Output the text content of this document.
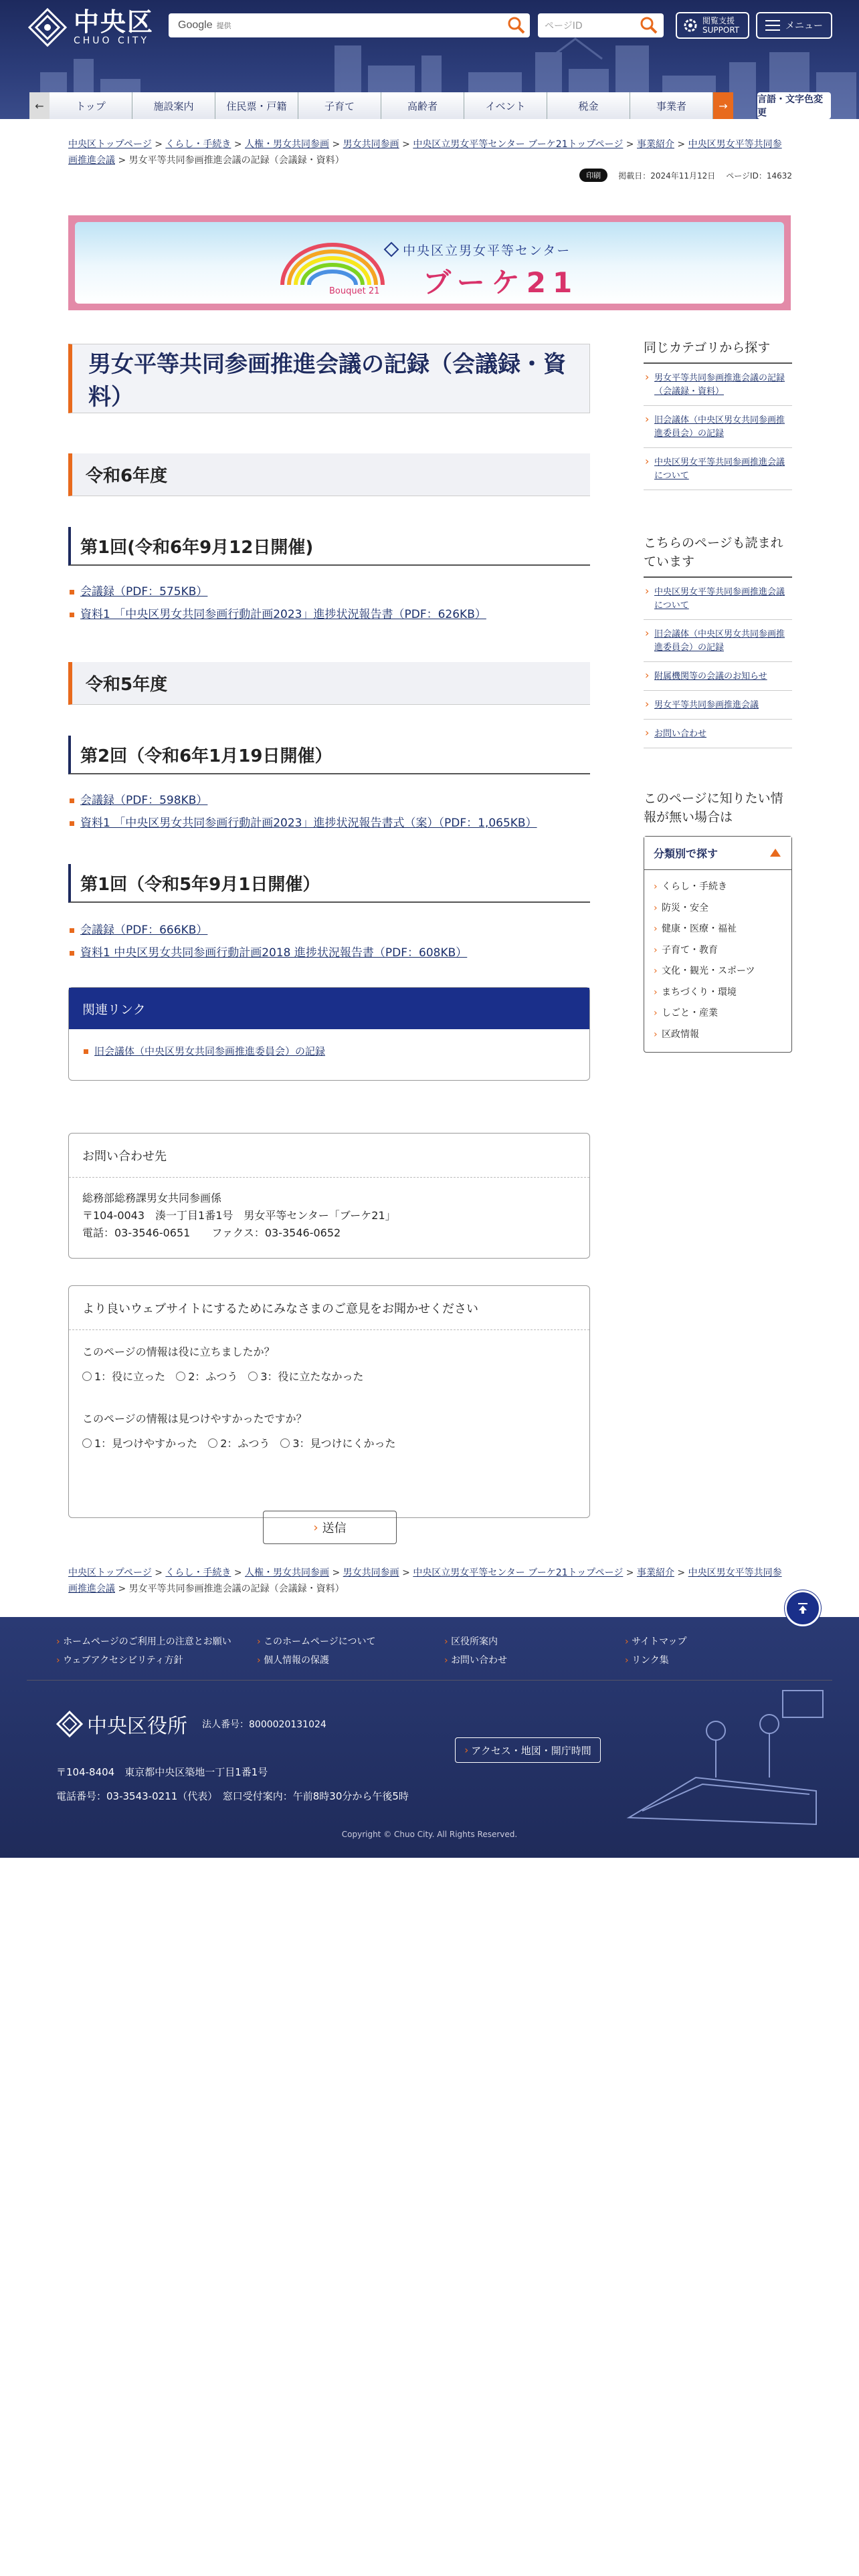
中央区
CHUO CITY
Google 提供	ページID	閲覧支援
SUPPORT	メニュー
←	トップ	施設案内	住民票・戸籍	子育て	高齢者	イベント	税金	事業者	→	言語・文字色変更
中央区トップページ > くらし・手続き > 人権・男女共同参画 > 男女共同参画 > 中央区立男女平等センター ブーケ21トップページ > 事業紹介 > 中央区男女平等共同参画推進会議 > 男女平等共同参画推進会議の記録（会議録・資料）
印刷	掲載日：2024年11月12日 ページID：14632
Bouquet 21
中央区立男女平等センター
ブーケ21
男女平等共同参画推進会議の記録（会議録・資料）
令和6年度
第1回(令和6年9月12日開催)
会議録（PDF：575KB）
資料1 「中央区男女共同参画行動計画2023」進捗状況報告書（PDF：626KB）
令和5年度
第2回（令和6年1月19日開催）
会議録（PDF：598KB）
資料1 「中央区男女共同参画行動計画2023」進捗状況報告書式（案）（PDF：1,065KB）
第1回（令和5年9月1日開催）
会議録（PDF：666KB）
資料1 中央区男女共同参画行動計画2018 進捗状況報告書（PDF：608KB）
関連リンク
旧会議体（中央区男女共同参画推進委員会）の記録
お問い合わせ先
総務部総務課男女共同参画係
〒104-0043　湊一丁目1番1号　男女平等センター「ブーケ21」
電話：03-3546-0651　　ファクス：03-3546-0652
より良いウェブサイトにするためにみなさまのご意見をお聞かせください
このページの情報は役に立ちましたか？
1：役に立った 2：ふつう 3：役に立たなかった
このページの情報は見つけやすかったですか？
1：見つけやすかった 2：ふつう 3：見つけにくかった
› 送信
同じカテゴリから探す
› 男女平等共同参画推進会議の記録（会議録・資料）
› 旧会議体（中央区男女共同参画推進委員会）の記録
› 中央区男女平等共同参画推進会議について
こちらのページも読まれています
› 中央区男女平等共同参画推進会議について
› 旧会議体（中央区男女共同参画推進委員会）の記録
› 附属機関等の会議のお知らせ
› 男女平等共同参画推進会議
› お問い合わせ
このページに知りたい情報が無い場合は
分類別で探す
› くらし・手続き
› 防災・安全
› 健康・医療・福祉
› 子育て・教育
› 文化・観光・スポーツ
› まちづくり・環境
› しごと・産業
› 区政情報
中央区トップページ > くらし・手続き > 人権・男女共同参画 > 男女共同参画 > 中央区立男女平等センター ブーケ21トップページ > 事業紹介 > 中央区男女平等共同参画推進会議 > 男女平等共同参画推進会議の記録（会議録・資料）
› ホームページのご利用上の注意とお願い	› このホームページについて	› 区役所案内	› サイトマップ
› ウェブアクセシビリティ方針	› 個人情報の保護	› お問い合わせ	› リンク集
中央区役所 法人番号：8000020131024
〒104-8404　東京都中央区築地一丁目1番1号
電話番号：03-3543-0211（代表）　窓口受付案内：午前8時30分から午後5時
› アクセス・地図・開庁時間
Copyright © Chuo City. All Rights Reserved.
